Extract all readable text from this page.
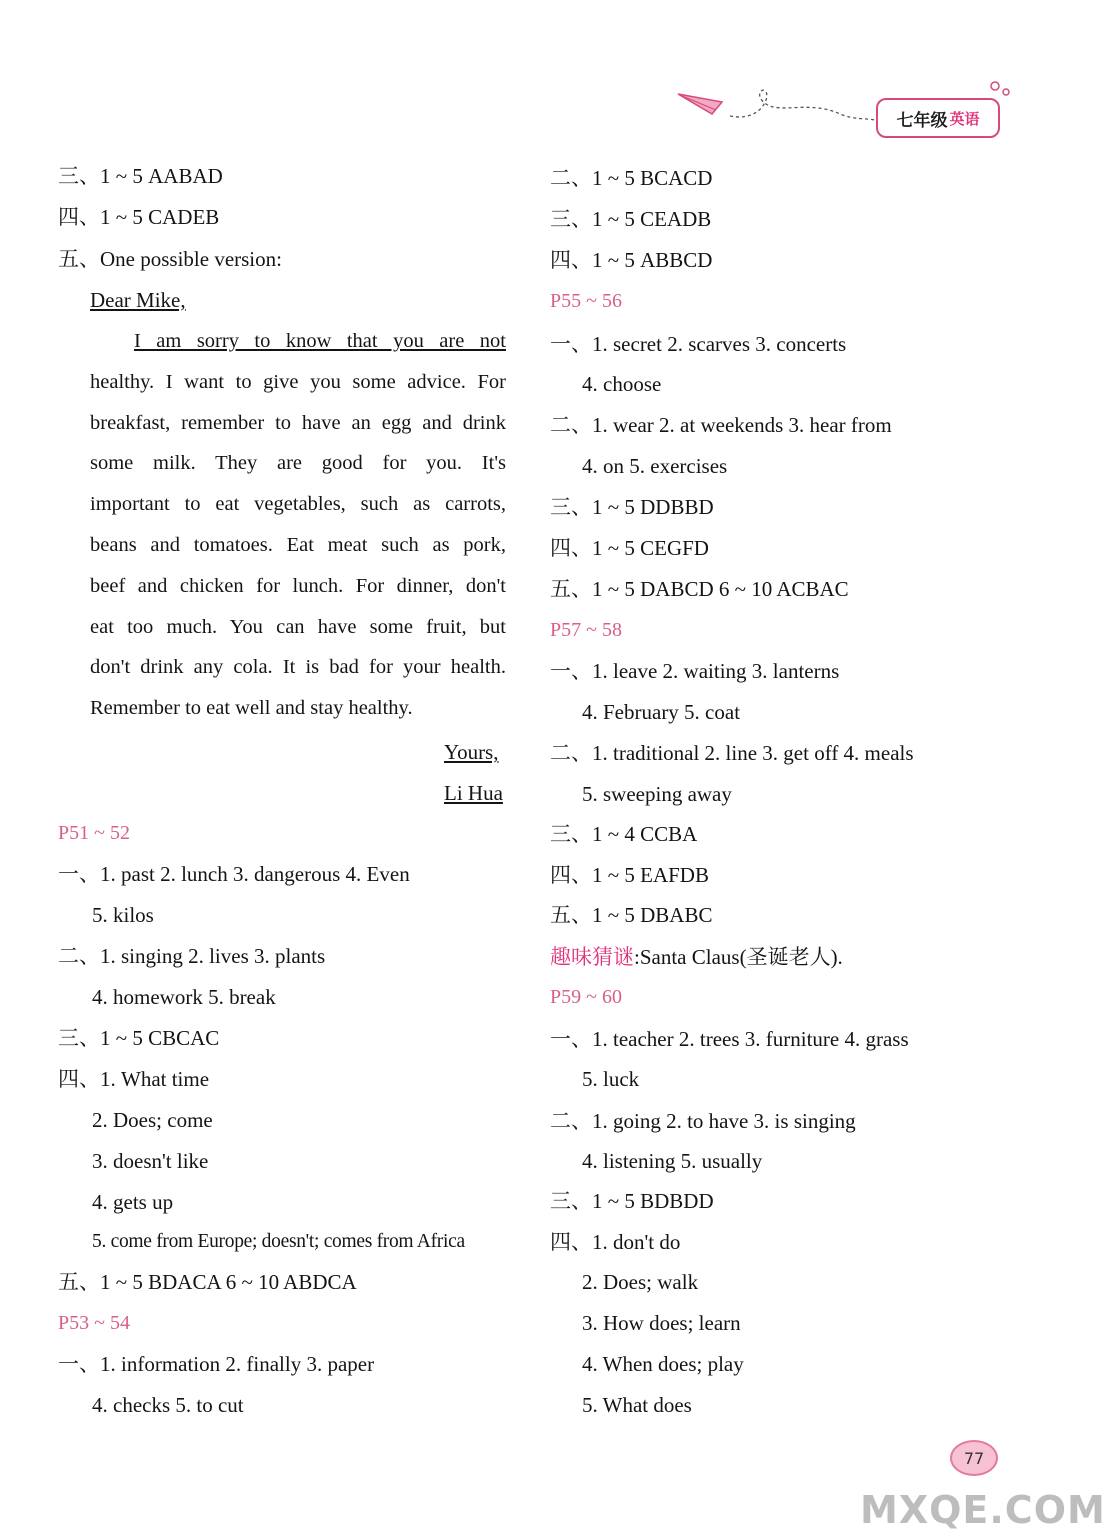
七年级 英语
三、1 ~ 5 AABAD
四、1 ~ 5 CADEB
五、One possible version:
Dear Mike,
I am sorry to know that you are not
healthy. I want to give you some advice. For
breakfast, remember to have an egg and drink
some milk. They are good for you. It's
important to eat vegetables, such as carrots,
beans and tomatoes. Eat meat such as pork,
beef and chicken for lunch. For dinner, don't
eat too much. You can have some fruit, but
don't drink any cola. It is bad for your health.
Remember to eat well and stay healthy.
Yours,
Li Hua
P51 ~ 52
一、1. past 2. lunch 3. dangerous 4. Even
5. kilos
二、1. singing 2. lives 3. plants
4. homework 5. break
三、1 ~ 5 CBCAC
四、1. What time
2. Does; come
3. doesn't like
4. gets up
5. come from Europe; doesn't; comes from Africa
五、1 ~ 5 BDACA 6 ~ 10 ABDCA
P53 ~ 54
一、1. information 2. finally 3. paper
4. checks 5. to cut
二、1 ~ 5 BCACD
三、1 ~ 5 CEADB
四、1 ~ 5 ABBCD
P55 ~ 56
一、1. secret 2. scarves 3. concerts
4. choose
二、1. wear 2. at weekends 3. hear from
4. on 5. exercises
三、1 ~ 5 DDBBD
四、1 ~ 5 CEGFD
五、1 ~ 5 DABCD 6 ~ 10 ACBAC
P57 ~ 58
一、1. leave 2. waiting 3. lanterns
4. February 5. coat
二、1. traditional 2. line 3. get off 4. meals
5. sweeping away
三、1 ~ 4 CCBA
四、1 ~ 5 EAFDB
五、1 ~ 5 DBABC
趣味猜谜:Santa Claus(圣诞老人).
P59 ~ 60
一、1. teacher 2. trees 3. furniture 4. grass
5. luck
二、1. going 2. to have 3. is singing
4. listening 5. usually
三、1 ~ 5 BDBDD
四、1. don't do
2. Does; walk
3. How does; learn
4. When does; play
5. What does
MXQE.COM
77
